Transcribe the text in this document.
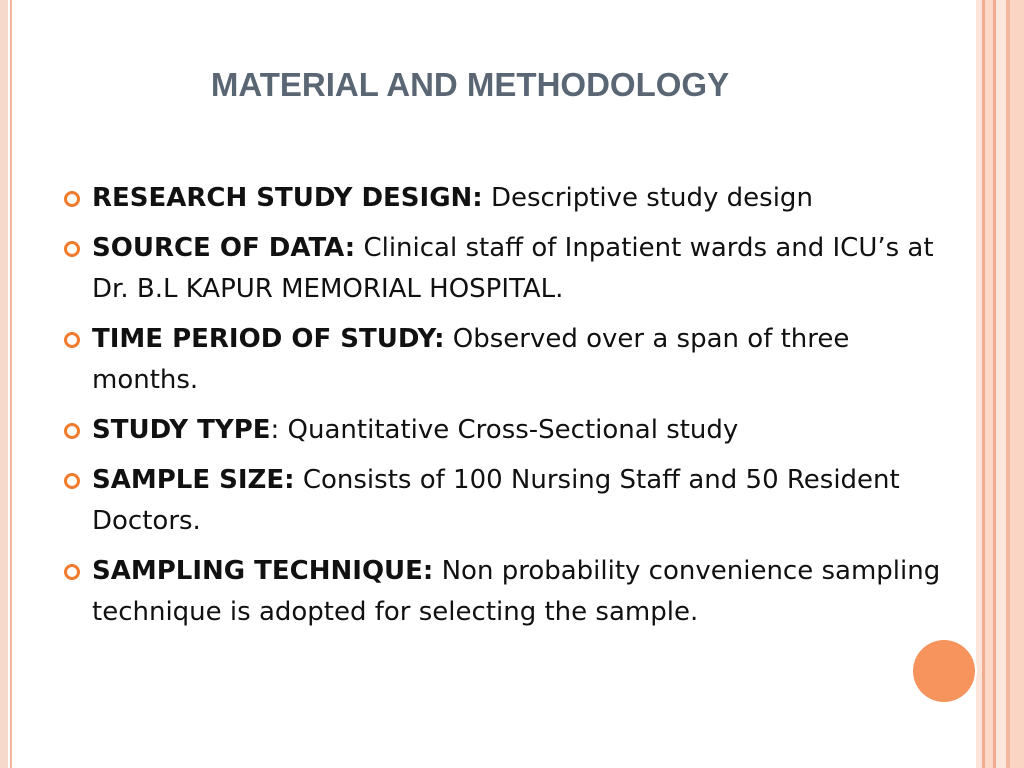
MATERIAL AND METHODOLOGY
RESEARCH STUDY DESIGN: Descriptive study design
SOURCE OF DATA: Clinical staff of Inpatient wards and ICU’s at Dr. B.L KAPUR MEMORIAL HOSPITAL.
TIME PERIOD OF STUDY: Observed over a span of three months.
STUDY TYPE: Quantitative Cross-Sectional study
SAMPLE SIZE: Consists of 100 Nursing Staff and 50 Resident Doctors.
SAMPLING TECHNIQUE: Non probability convenience sampling technique is adopted for selecting the sample.
